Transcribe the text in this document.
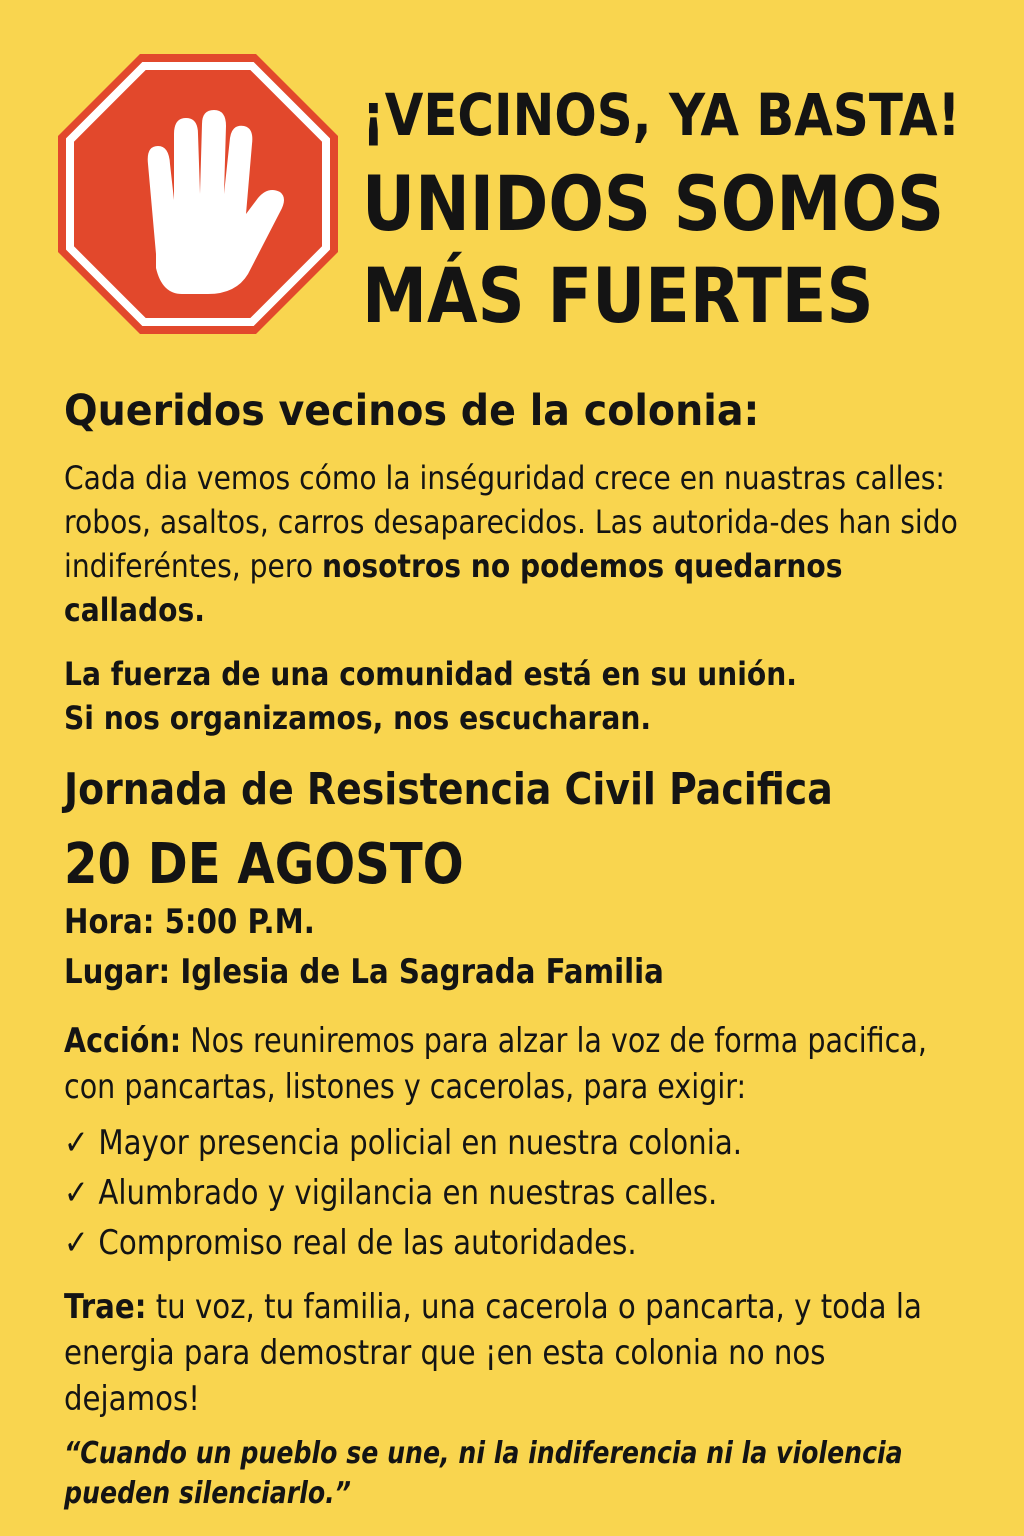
¡VECINOS, YA BASTA!
UNIDOS SOMOS
MÁS FUERTES
Queridos vecinos de la colonia:
Cada dia vemos cómo la inséguridad crece en nuastras calles: robos, asaltos, carros desaparecidos. Las autorida-des han sido indiferéntes, pero nosotros no podemos quedarnos callados.
La fuerza de una comunidad está en su unión.
Si nos organizamos, nos escucharan.
Jornada de Resistencia Civil Pacifica
20 DE AGOSTO
Hora: 5:00 P.M.
Lugar: Iglesia de La Sagrada Familia
Acción: Nos reuniremos para alzar la voz de forma pacifica, con pancartas, listones y cacerolas, para exigir:
✓ Mayor presencia policial en nuestra colonia.
✓ Alumbrado y vigilancia en nuestras calles.
✓ Compromiso real de las autoridades.
Trae: tu voz, tu familia, una cacerola o pancarta, y toda la energia para demostrar que ¡en esta colonia no nos dejamos!
“Cuando un pueblo se une, ni la indiferencia ni la violencia pueden silenciarlo.”
